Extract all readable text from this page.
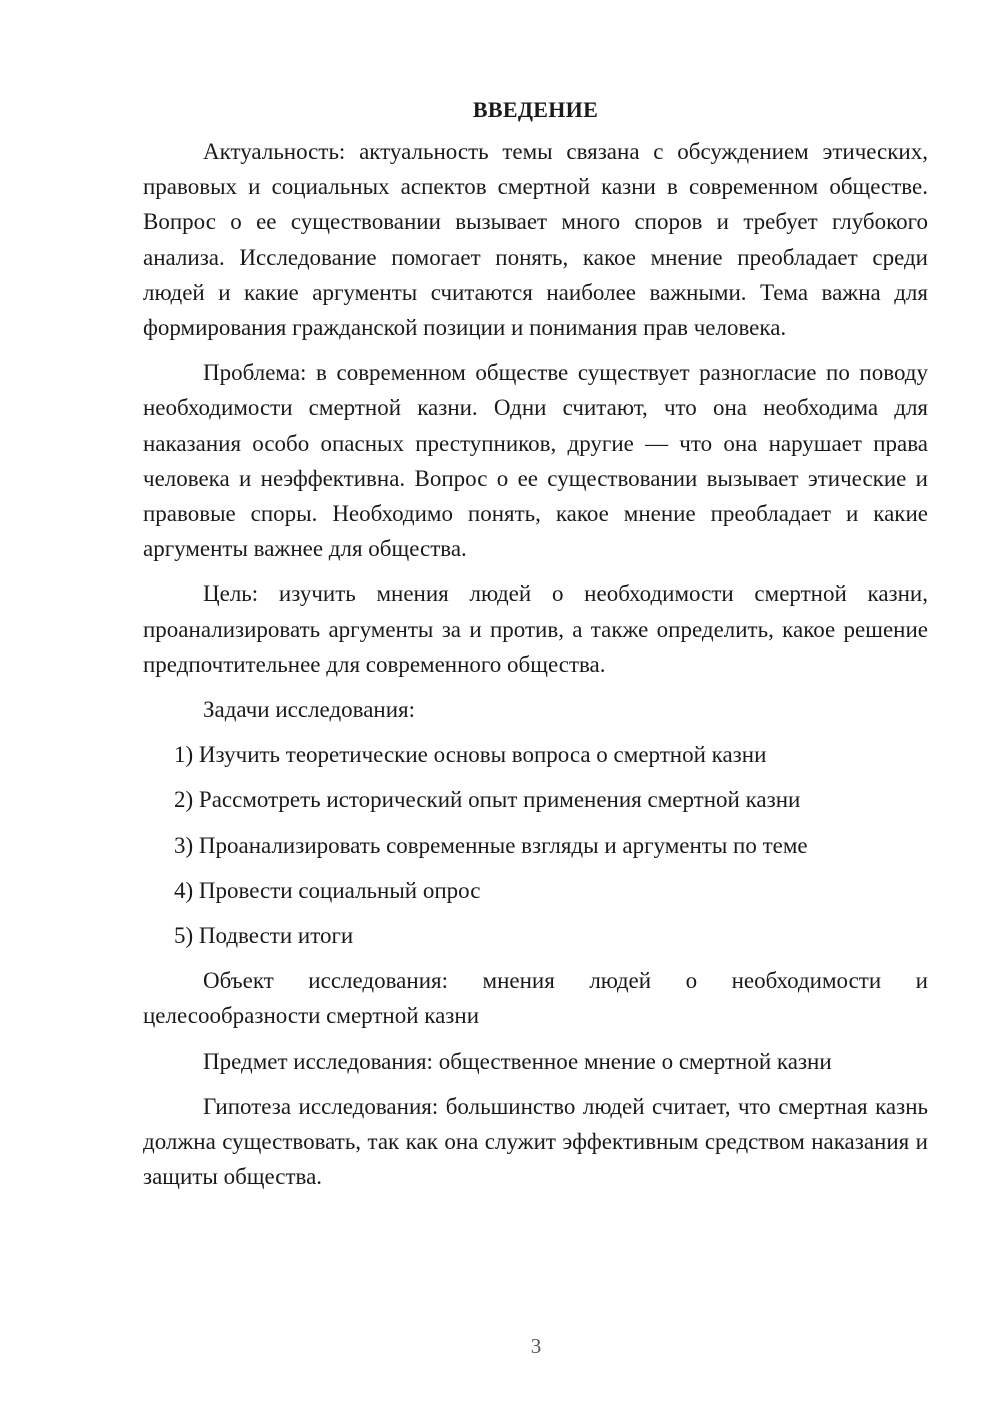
ВВЕДЕНИЕ

Актуальность: актуальность темы связана с обсуждением этических, правовых и социальных аспектов смертной казни в современном обществе. Вопрос о ее существовании вызывает много споров и требует глубокого анализа. Исследование помогает понять, какое мнение преобладает среди людей и какие аргументы считаются наиболее важными. Тема важна для формирования гражданской позиции и понимания прав человека.

Проблема: в современном обществе существует разногласие по поводу необходимости смертной казни. Одни считают, что она необходима для наказания особо опасных преступников, другие — что она нарушает права человека и неэффективна. Вопрос о ее существовании вызывает этические и правовые споры. Необходимо понять, какое мнение преобладает и какие аргументы важнее для общества.

Цель: изучить мнения людей о необходимости смертной казни, проанализировать аргументы за и против, а также определить, какое решение предпочтительнее для современного общества.

Задачи исследования:

1) Изучить теоретические основы вопроса о смертной казни
2) Рассмотреть исторический опыт применения смертной казни
3) Проанализировать современные взгляды и аргументы по теме
4) Провести социальный опрос
5) Подвести итоги

Объект исследования: мнения людей о необходимости и целесообразности смертной казни

Предмет исследования: общественное мнение о смертной казни

Гипотеза исследования: большинство людей считает, что смертная казнь должна существовать, так как она служит эффективным средством наказания и защиты общества.

3
